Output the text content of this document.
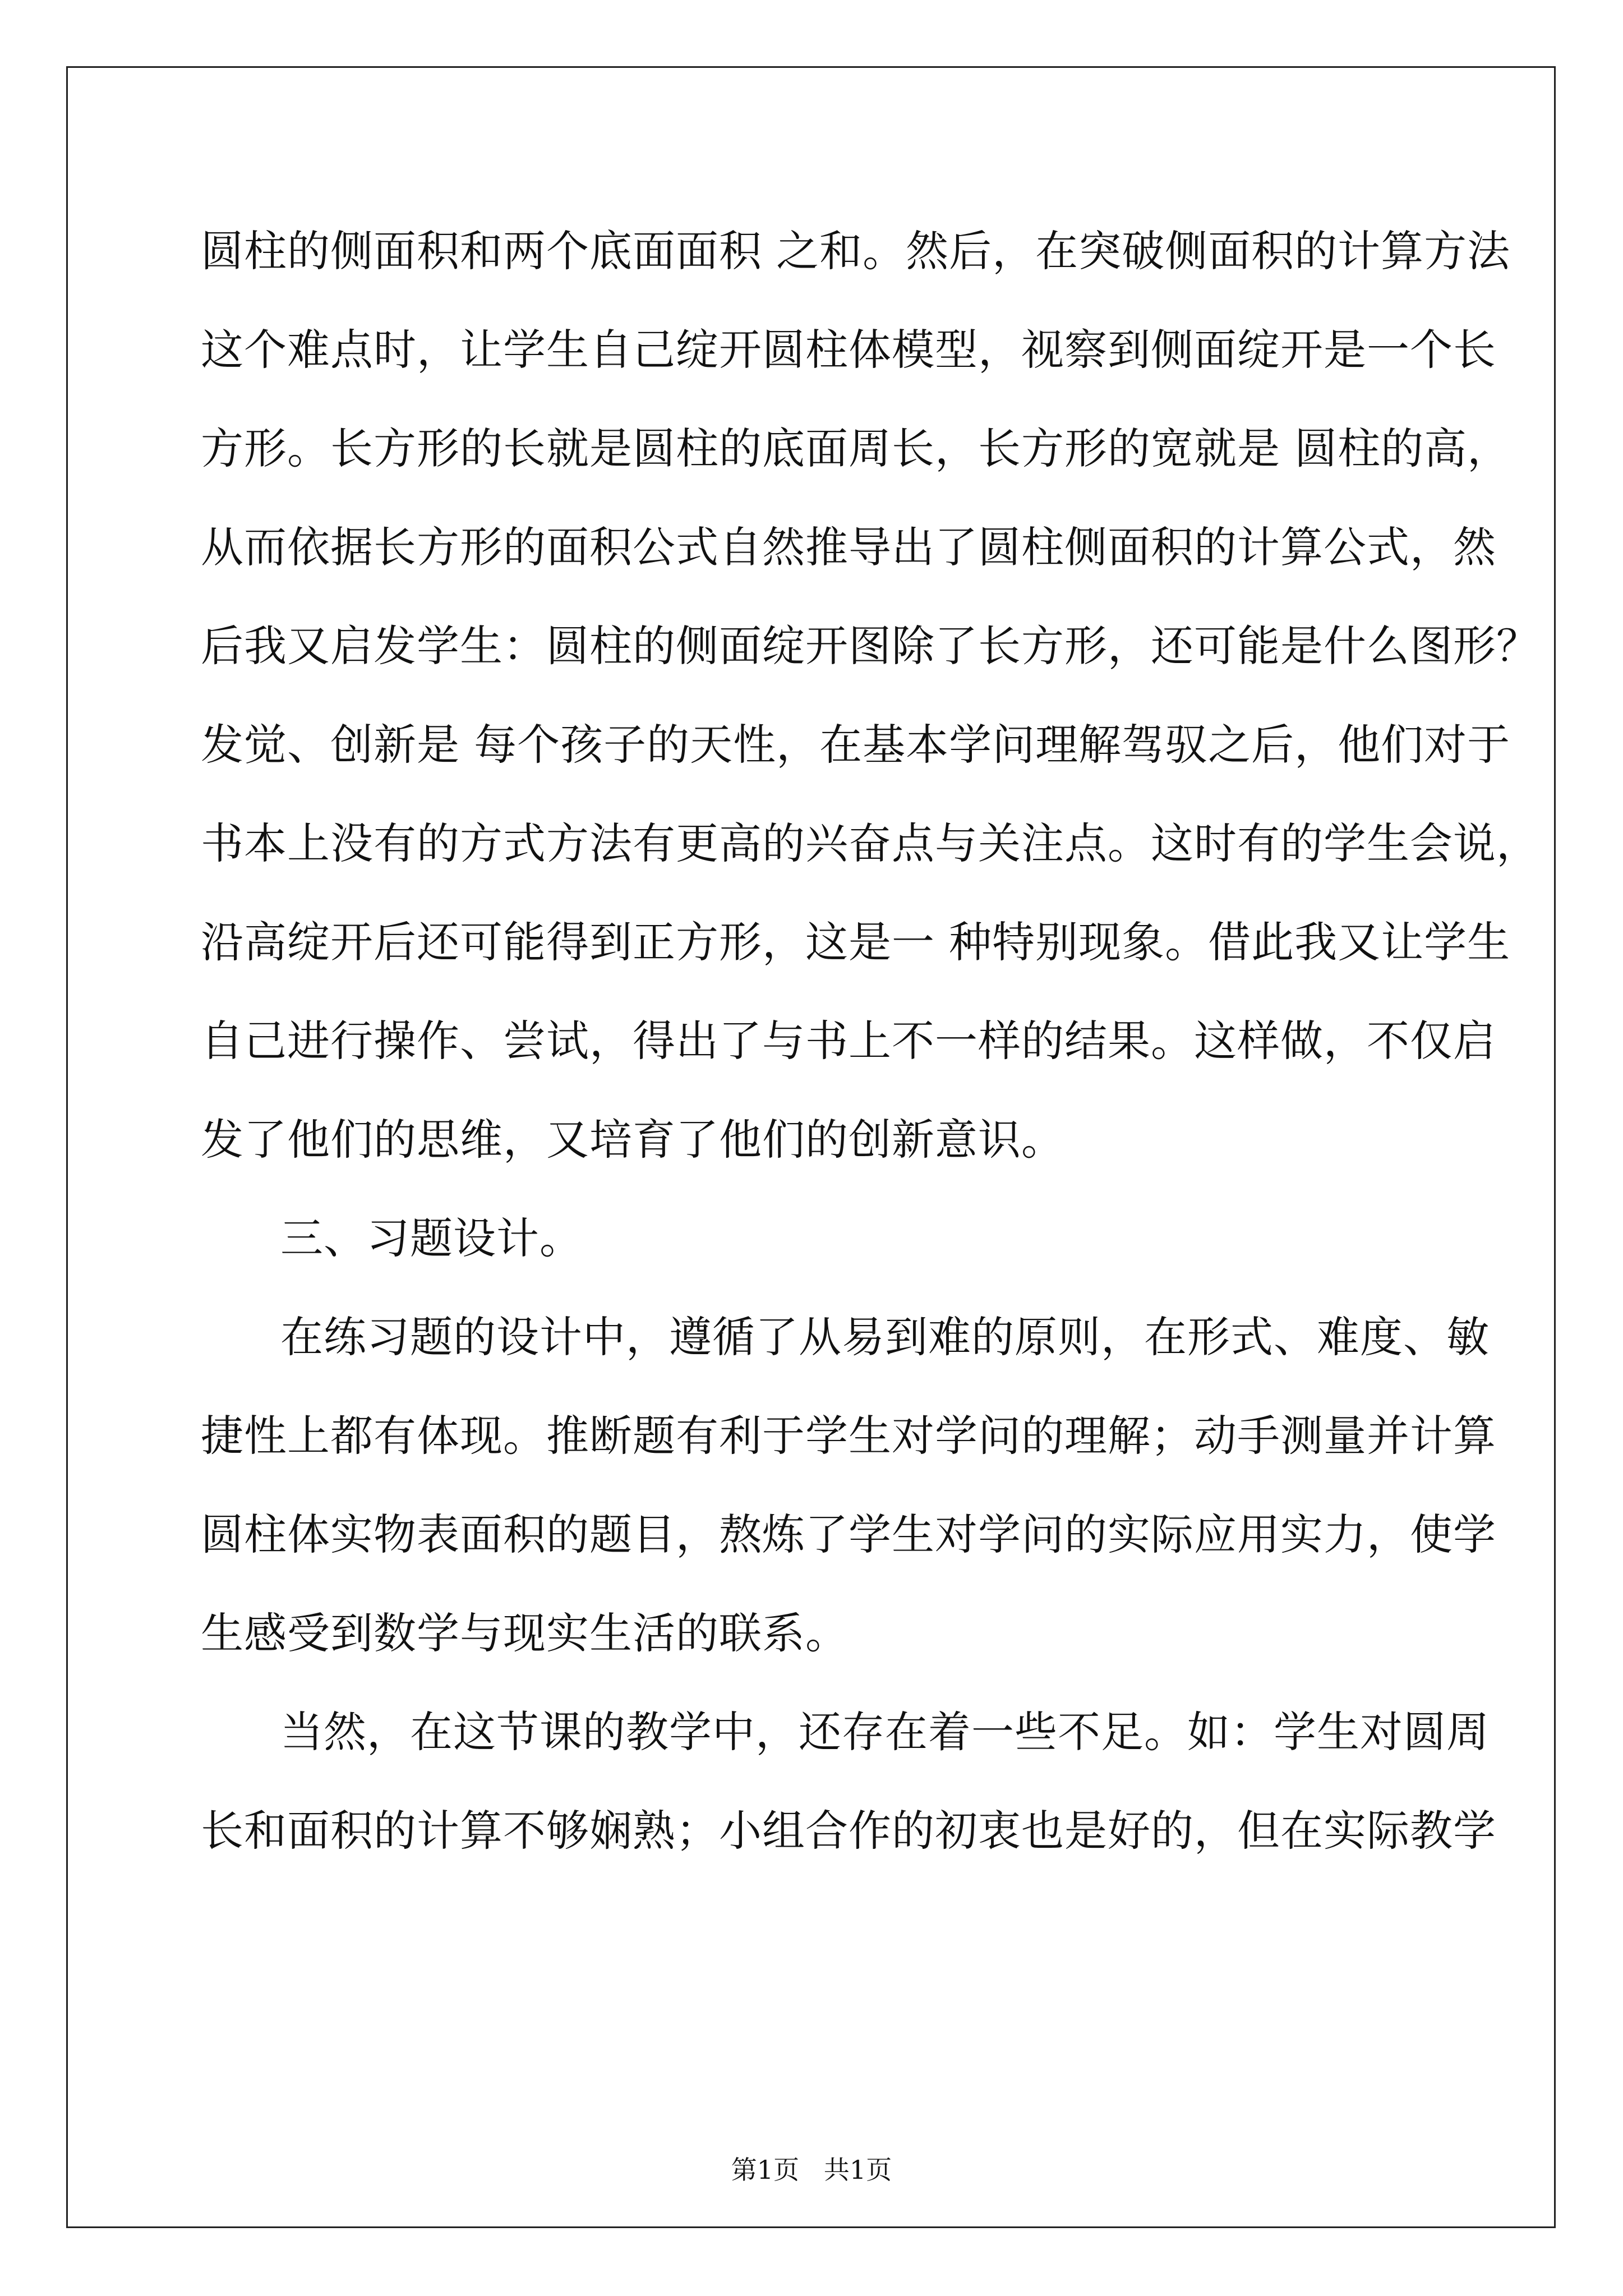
圆柱的侧面积和两个底面面积 之和。然后，在突破侧面积的计算方法

这个难点时，让学生自己绽开圆柱体模型，视察到侧面绽开是一个长

方形。长方形的长就是圆柱的底面周长，长方形的宽就是 圆柱的高，

从而依据长方形的面积公式自然推导出了圆柱侧面积的计算公式，然

后我又启发学生：圆柱的侧面绽开图除了长方形，还可能是什么图形？

发觉、创新是 每个孩子的天性，在基本学问理解驾驭之后，他们对于

书本上没有的方式方法有更高的兴奋点与关注点。这时有的学生会说，

沿高绽开后还可能得到正方形，这是一 种特别现象。借此我又让学生

自己进行操作、尝试，得出了与书上不一样的结果。这样做，不仅启

发了他们的思维，又培育了他们的创新意识。

三、习题设计。

在练习题的设计中，遵循了从易到难的原则，在形式、难度、敏

捷性上都有体现。推断题有利于学生对学问的理解；动手测量并计算

圆柱体实物表面积的题目，熬炼了学生对学问的实际应用实力，使学

生感受到数学与现实生活的联系。

当然，在这节课的教学中，还存在着一些不足。如：学生对圆周

长和面积的计算不够娴熟；小组合作的初衷也是好的，但在实际教学

第1页   共1页
